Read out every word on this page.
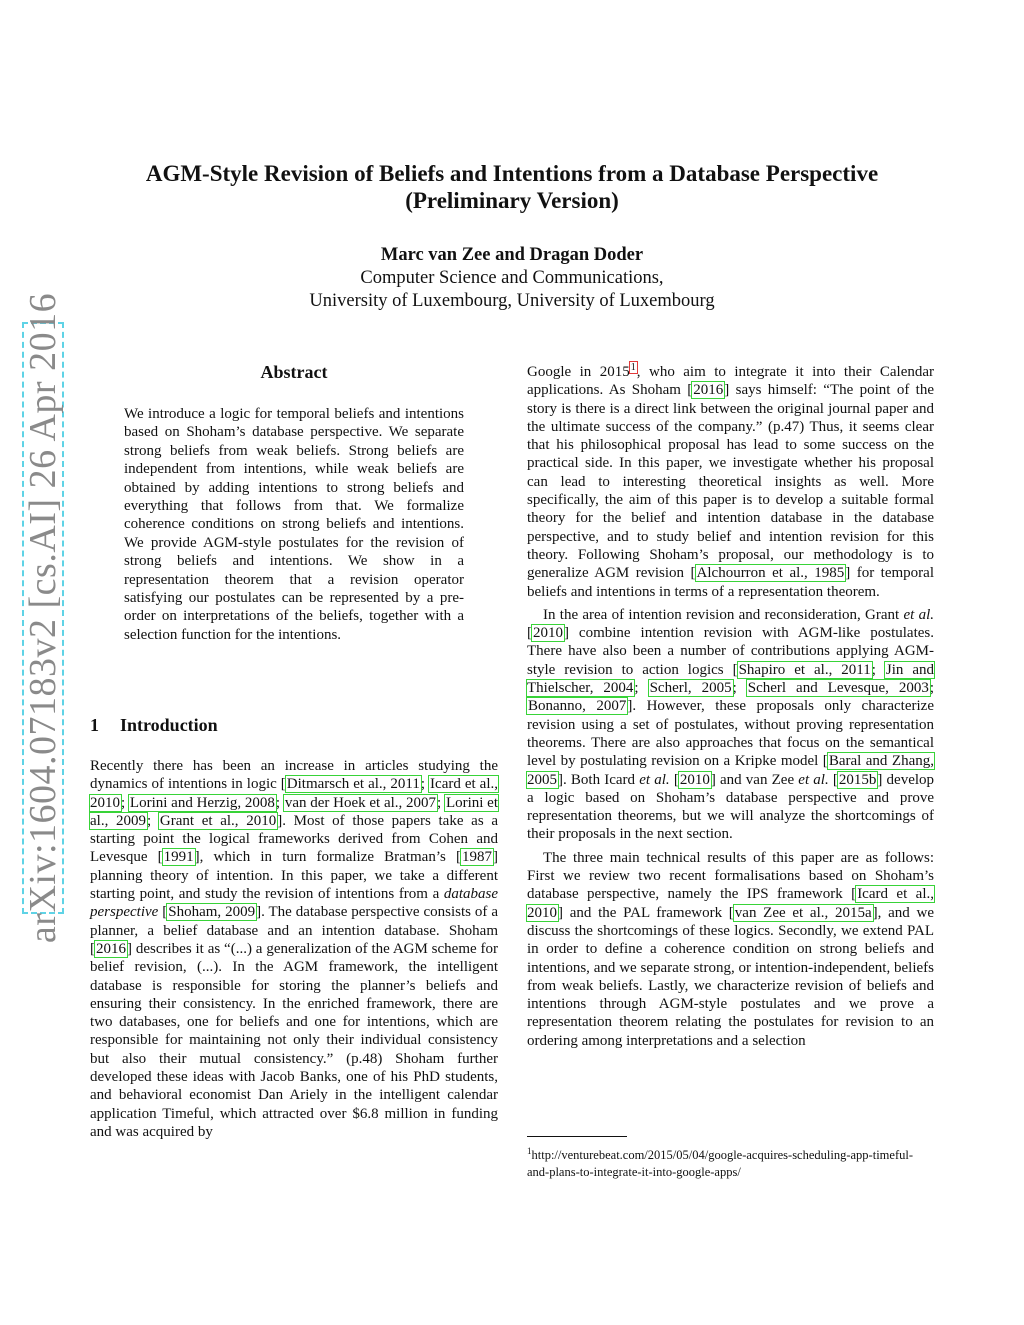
arXiv:1604.07183v2 [cs.AI] 26 Apr 2016
AGM-Style Revision of Beliefs and Intentions from a Database Perspective
(Preliminary Version)
Marc van Zee and Dragan Doder
Computer Science and Communications,
University of Luxembourg, University of Luxembourg
Abstract
We introduce a logic for temporal beliefs and intentions based on Shoham’s database perspective. We separate strong beliefs from weak beliefs. Strong beliefs are independent from intentions, while weak beliefs are obtained by adding intentions to strong beliefs and everything that follows from that. We formalize coherence conditions on strong beliefs and intentions. We provide AGM-style postulates for the revision of strong beliefs and intentions. We show in a representation theorem that a revision operator satisfying our postulates can be represented by a pre-order on interpretations of the beliefs, together with a selection function for the intentions.
1 Introduction

Recently there has been an increase in articles studying the dynamics of intentions in logic [Ditmarsch et al., 2011; Icard et al., 2010; Lorini and Herzig, 2008; van der Hoek et al., 2007; Lorini et al., 2009; Grant et al., 2010]. Most of those papers take as a starting point the logical frameworks derived from Cohen and Levesque [1991], which in turn formalize Bratman’s [1987] planning theory of intention. In this paper, we take a different starting point, and study the revision of intentions from a database perspective [Shoham, 2009]. The database perspective consists of a planner, a belief database and an intention database. Shoham [2016] describes it as “(...) a generalization of the AGM scheme for belief revision, (...). In the AGM framework, the intelligent database is responsible for storing the planner’s beliefs and ensuring their consistency. In the enriched framework, there are two databases, one for beliefs and one for intentions, which are responsible for maintaining not only their individual consistency but also their mutual consistency.” (p.48) Shoham further developed these ideas with Jacob Banks, one of his PhD students, and behavioral economist Dan Ariely in the intelligent calendar application Timeful, which attracted over $6.8 million in funding and was acquired by

Google in 2015$^1$, who aim to integrate it into their Calendar applications. As Shoham [2016] says himself: “The point of the story is there is a direct link between the original journal paper and the ultimate success of the company.” (p.47) Thus, it seems clear that his philosophical proposal has lead to some success on the practical side. In this paper, we investigate whether his proposal can lead to interesting theoretical insights as well. More specifically, the aim of this paper is to develop a suitable formal theory for the belief and intention database in the database perspective, and to study belief and intention revision for this theory. Following Shoham’s proposal, our methodology is to generalize AGM revision [Alchourron et al., 1985] for temporal beliefs and intentions in terms of a representation theorem.

In the area of intention revision and reconsideration, Grant et al. [2010] combine intention revision with AGM-like postulates. There have also been a number of contributions applying AGM-style revision to action logics [Shapiro et al., 2011; Jin and Thielscher, 2004; Scherl, 2005; Scherl and Levesque, 2003; Bonanno, 2007]. However, these proposals only characterize revision using a set of postulates, without proving representation theorems. There are also approaches that focus on the semantical level by postulating revision on a Kripke model [Baral and Zhang, 2005]. Both Icard et al. [2010] and van Zee et al. [2015b] develop a logic based on Shoham’s database perspective and prove representation theorems, but we will analyze the shortcomings of their proposals in the next section.

The three main technical results of this paper are as follows: First we review two recent formalisations based on Shoham’s database perspective, namely the IPS framework [Icard et al., 2010] and the PAL framework [van Zee et al., 2015a], and we discuss the shortcomings of these logics. Secondly, we extend PAL in order to define a coherence condition on strong beliefs and intentions, and we separate strong, or intention-independent, beliefs from weak beliefs. Lastly, we characterize revision of beliefs and intentions through AGM-style postulates and we prove a representation theorem relating the postulates for revision to an ordering among interpretations and a selection

$^1$http://venturebeat.com/2015/05/04/google-acquires-scheduling-app-timeful-and-plans-to-integrate-it-into-google-apps/
